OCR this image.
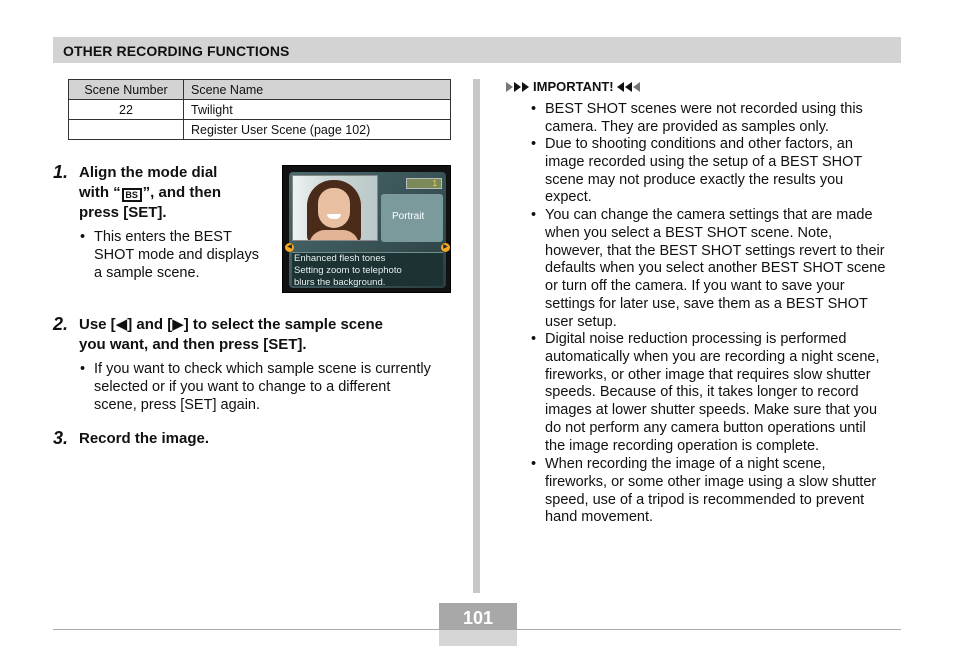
OTHER RECORDING FUNCTIONS
Scene Number	Scene Name
22	Twilight
	Register User Scene (page 102)
1. Align the mode dial
with “ BS ”, and then
press [SET].
• This enters the BEST
SHOT mode and displays
a sample scene.
1
Portrait
◀	▶
Enhanced flesh tones
Setting zoom to telephoto
blurs the background.
2. Use [◀] and [▶] to select the sample scene
you want, and then press [SET].
• If you want to check which sample scene is currently
selected or if you want to change to a different
scene, press [SET] again.
3. Record the image.
IMPORTANT!
• BEST SHOT scenes were not recorded using this
camera. They are provided as samples only.
• Due to shooting conditions and other factors, an
image recorded using the setup of a BEST SHOT
scene may not produce exactly the results you
expect.
• You can change the camera settings that are made
when you select a BEST SHOT scene. Note,
however, that the BEST SHOT settings revert to their
defaults when you select another BEST SHOT scene
or turn off the camera. If you want to save your
settings for later use, save them as a BEST SHOT
user setup.
• Digital noise reduction processing is performed
automatically when you are recording a night scene,
fireworks, or other image that requires slow shutter
speeds. Because of this, it takes longer to record
images at lower shutter speeds. Make sure that you
do not perform any camera button operations until
the image recording operation is complete.
• When recording the image of a night scene,
fireworks, or some other image using a slow shutter
speed, use of a tripod is recommended to prevent
hand movement.
101
